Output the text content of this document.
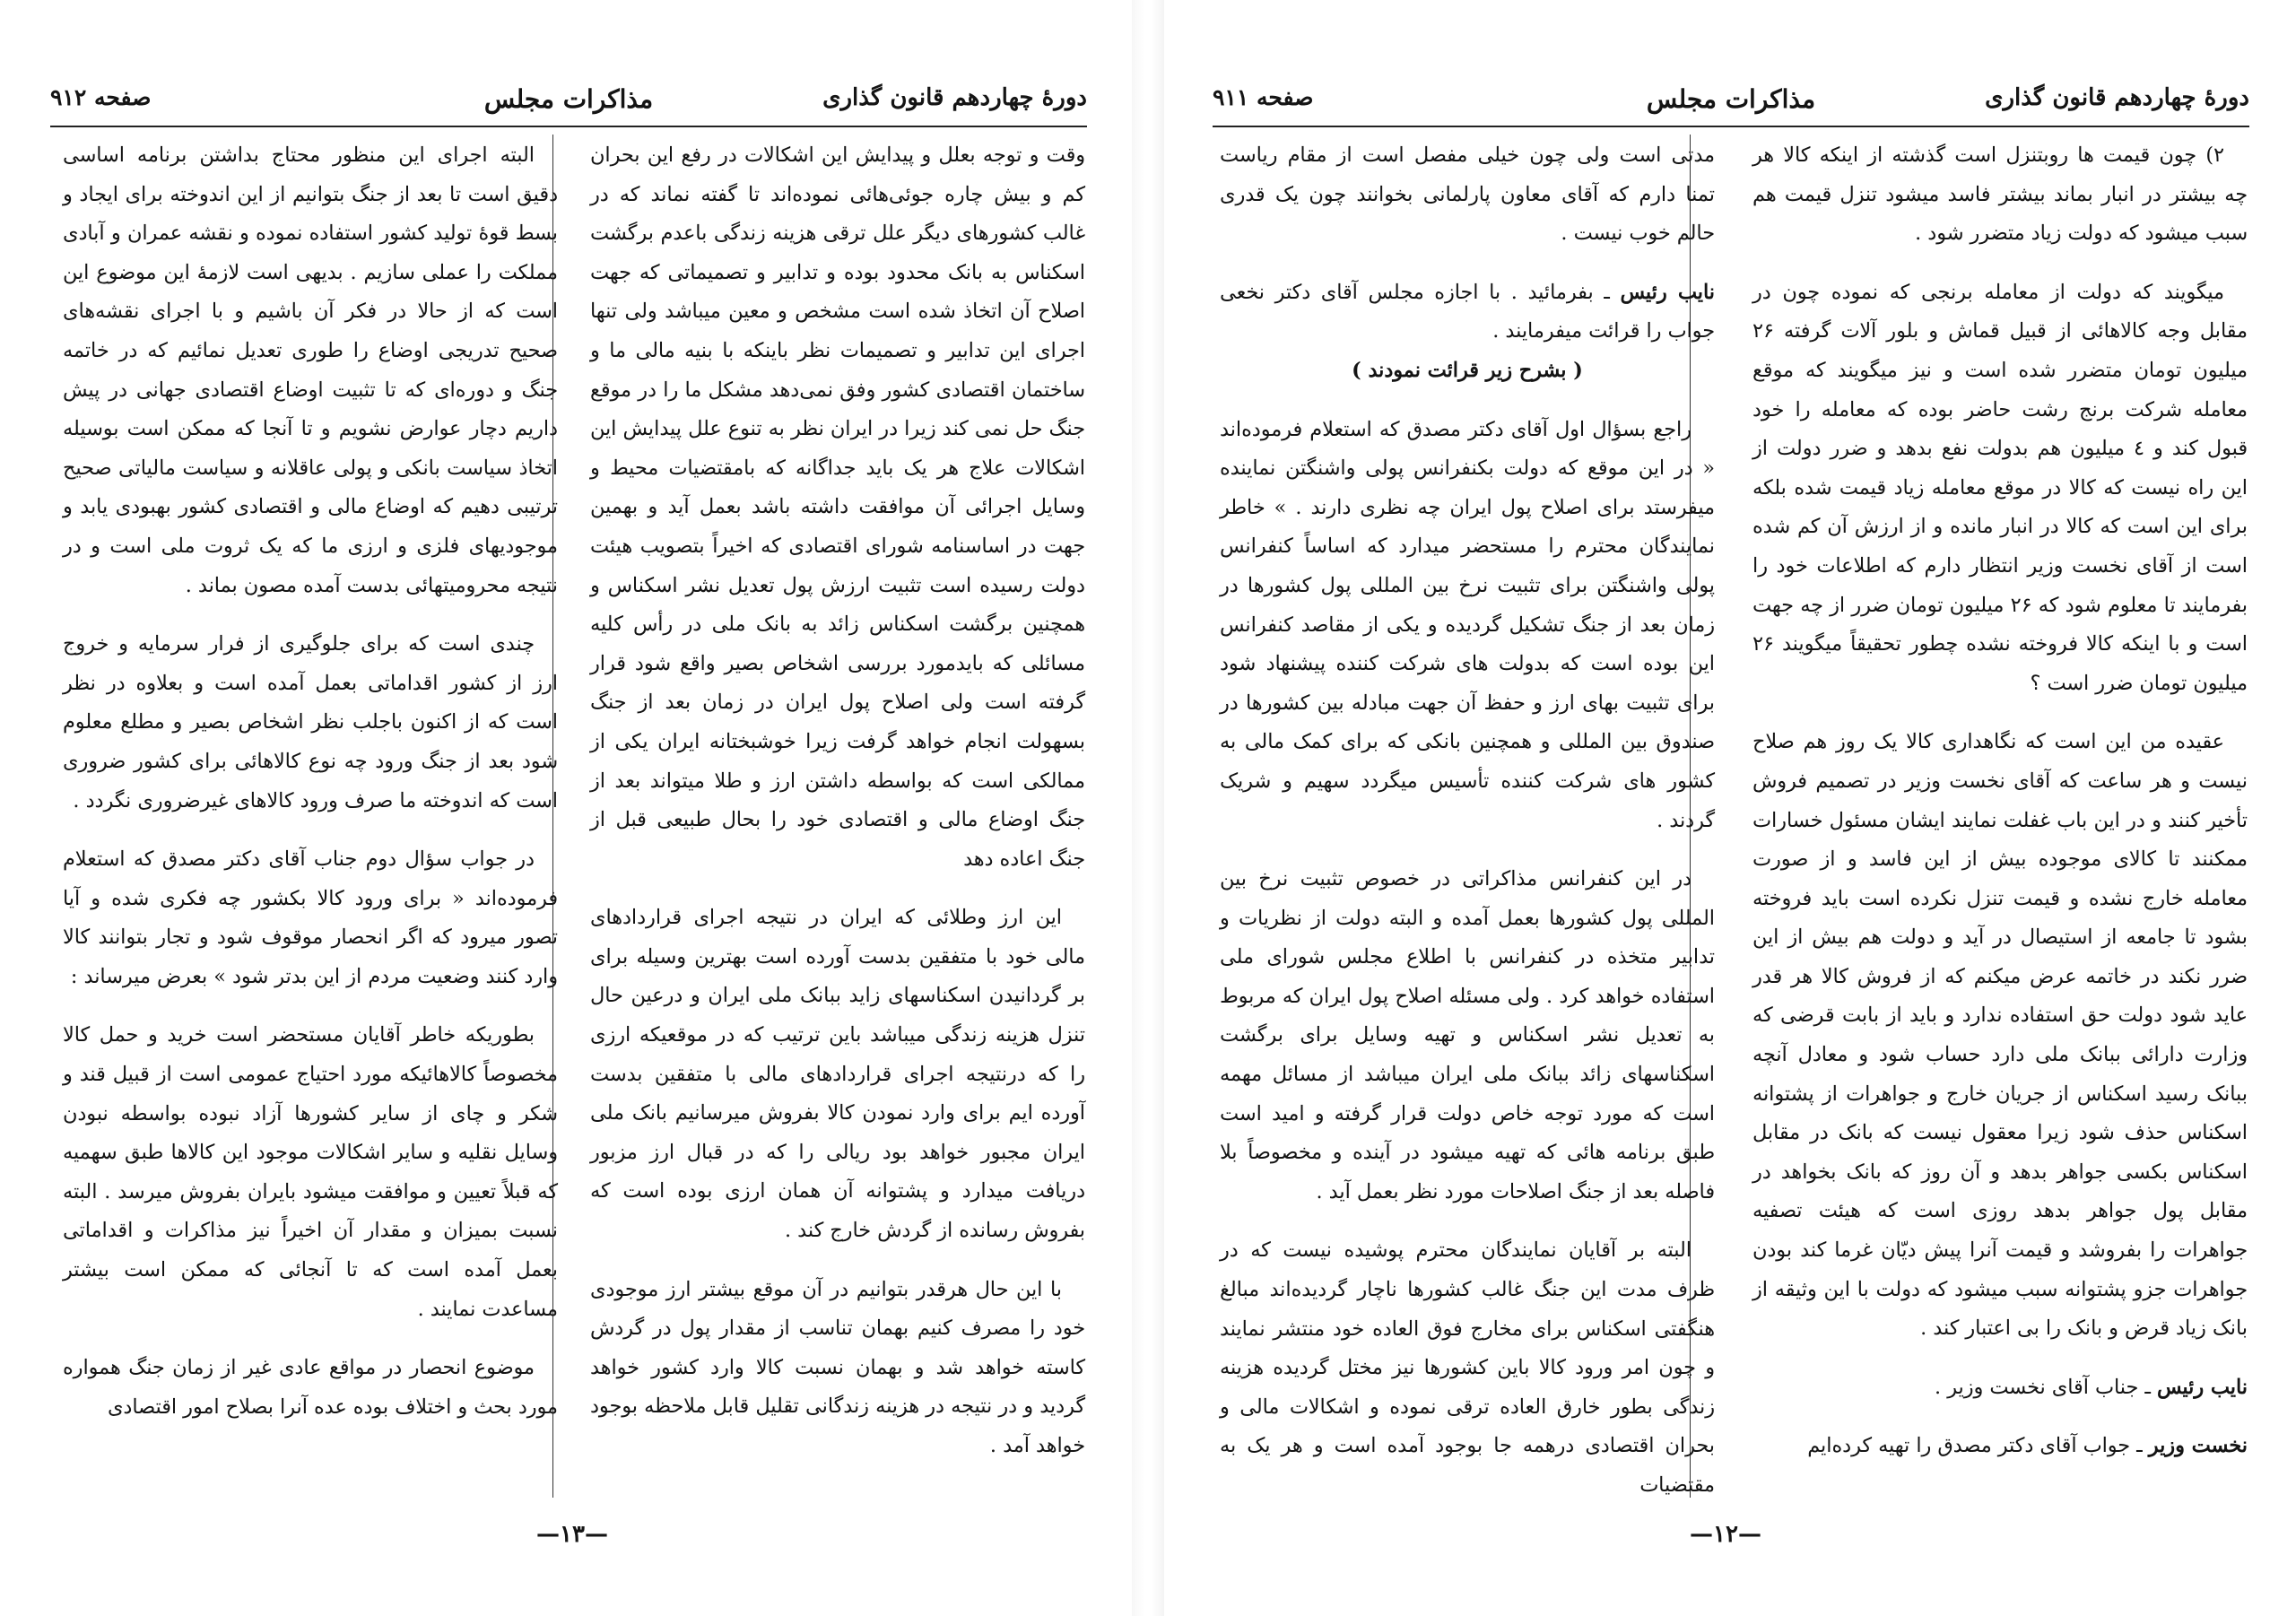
دورهٔ چهاردهم قانون گذاری
مذاکرات مجلس
صفحه ۹۱۲

وقت و توجه بعلل و پیدایش این اشکالات در رفع این بحران کم و بیش چاره جوئی‌هائی نموده‌اند تا گفته نماند که در غالب کشورهای دیگر علل ترقی هزینه زندگی باعدم برگشت اسکناس به بانک محدود بوده و تدابیر و تصمیماتی که جهت اصلاح آن اتخاذ شده است مشخص و معین میباشد ولی تنها اجرای این تدابیر و تصمیمات نظر باینکه با بنیه مالی ما و ساختمان اقتصادی کشور وفق نمی‌دهد مشکل ما را در موقع جنگ حل نمی کند زیرا در ایران نظر به تنوع علل پیدایش این اشکالات علاج هر یک باید جداگانه که بامقتضیات محیط و وسایل اجرائی آن موافقت داشته باشد بعمل آید و بهمین جهت در اساسنامه شورای اقتصادی که اخیراً بتصویب هیئت دولت رسیده است تثبیت ارزش پول تعدیل نشر اسکناس و همچنین برگشت اسکناس زائد به بانک ملی در رأس کلیه مسائلی که بایدمورد بررسی اشخاص بصیر واقع شود قرار گرفته است ولی اصلاح پول ایران در زمان بعد از جنگ بسهولت انجام خواهد گرفت زیرا خوشبختانه ایران یکی از ممالکی است که بواسطه داشتن ارز و طلا میتواند بعد از جنگ اوضاع مالی و اقتصادی خود را بحال طبیعی قبل از جنگ اعاده دهد

این ارز وطلائی که ایران در نتیجه اجرای قراردادهای مالی خود با متفقین بدست آورده است بهترین وسیله برای بر گردانیدن اسکناسهای زاید ببانک ملی ایران و درعین حال تنزل هزینه زندگی میباشد باین ترتیب که در موقعیکه ارزی را که درنتیجه اجرای قراردادهای مالی با متفقین بدست آورده ایم برای وارد نمودن کالا بفروش میرسانیم بانک ملی ایران مجبور خواهد بود ریالی را که در قبال ارز مزبور دریافت میدارد و پشتوانه آن همان ارزی بوده است که بفروش رسانده از گردش خارج کند .

با این حال هرقدر بتوانیم در آن موقع بیشتر ارز موجودی خود را مصرف کنیم بهمان تناسب از مقدار پول در گردش کاسته خواهد شد و بهمان نسبت کالا وارد کشور خواهد گردید و در نتیجه در هزینه زندگانی تقلیل قابل ملاحظه بوجود خواهد آمد .

البته اجرای این منظور محتاج بداشتن برنامه اساسی دقیق است تا بعد از جنگ بتوانیم از این اندوخته برای ایجاد و بسط قوهٔ تولید کشور استفاده نموده و نقشه عمران و آبادی مملکت را عملی سازیم . بدیهی است لازمهٔ این موضوع این است که از حالا در فکر آن باشیم و با اجرای نقشه‌های صحیح تدریجی اوضاع را طوری تعدیل نمائیم که در خاتمه جنگ و دوره‌ای که تا تثبیت اوضاع اقتصادی جهانی در پیش داریم دچار عوارض نشویم و تا آنجا که ممکن است بوسیله اتخاذ سیاست بانکی و پولی عاقلانه و سیاست مالیاتی صحیح ترتیبی دهیم که اوضاع مالی و اقتصادی کشور بهبودی یابد و موجودیهای فلزی و ارزی ما که یک ثروت ملی است و در نتیجه محرومیتهائی بدست آمده مصون بماند .

چندی است که برای جلوگیری از فرار سرمایه و خروج ارز از کشور اقداماتی بعمل آمده است و بعلاوه در نظر است که از اکنون باجلب نظر اشخاص بصیر و مطلع معلوم شود بعد از جنگ ورود چه نوع کالاهائی برای کشور ضروری است که اندوخته ما صرف ورود کالاهای غیرضروری نگردد .

در جواب سؤال دوم جناب آقای دکتر مصدق که استعلام فرموده‌اند « برای ورود کالا بکشور چه فکری شده و آیا تصور میرود که اگر انحصار موقوف شود و تجار بتوانند کالا وارد کنند وضعیت مردم از این بدتر شود » بعرض میرساند :

بطوریکه خاطر آقایان مستحضر است خرید و حمل کالا مخصوصاً کالاهائیکه مورد احتیاج عمومی است از قبیل قند و شکر و چای از سایر کشورها آزاد نبوده بواسطه نبودن وسایل نقلیه و سایر اشکالات موجود این کالاها طبق سهمیه که قبلاً تعیین و موافقت میشود بایران بفروش میرسد . البته نسبت بمیزان و مقدار آن اخیراً نیز مذاکرات و اقداماتی بعمل آمده است که تا آنجائی که ممکن است بیشتر مساعدت نمایند .

موضوع انحصار در مواقع عادی غیر از زمان جنگ همواره مورد بحث و اختلاف بوده عده آنرا بصلاح امور اقتصادی

—۱۳—
دورهٔ چهاردهم قانون گذاری
مذاکرات مجلس
صفحه ۹۱۱

۲) چون قیمت ها روبتنزل است گذشته از اینکه کالا هر چه بیشتر در انبار بماند بیشتر فاسد میشود تنزل قیمت هم سبب میشود که دولت زیاد متضرر شود .

میگویند که دولت از معامله برنجی که نموده چون در مقابل وجه کالاهائی از قبیل قماش و بلور آلات گرفته ۲۶ میلیون تومان متضرر شده است و نیز میگویند که موقع معامله شرکت برنج رشت حاضر بوده که معامله را خود قبول کند و ٤ میلیون هم بدولت نفع بدهد و ضرر دولت از این راه نیست که کالا در موقع معامله زیاد قیمت شده بلکه برای این است که کالا در انبار مانده و از ارزش آن کم شده است از آقای نخست وزیر انتظار دارم که اطلاعات خود را بفرمایند تا معلوم شود که ۲۶ میلیون تومان ضرر از چه جهت است و با اینکه کالا فروخته نشده چطور تحقیقاً میگویند ۲۶ میلیون تومان ضرر است ؟

عقیده من این است که نگاهداری کالا یک روز هم صلاح نیست و هر ساعت که آقای نخست وزیر در تصمیم فروش تأخیر کنند و در این باب غفلت نمایند ایشان مسئول خسارات ممکنند تا کالای موجوده بیش از این فاسد و از صورت معامله خارج نشده و قیمت تنزل نکرده است باید فروخته بشود تا جامعه از استیصال در آید و دولت هم بیش از این ضرر نکند در خاتمه عرض میکنم که از فروش کالا هر قدر عاید شود دولت حق استفاده ندارد و باید از بابت قرضی که وزارت دارائی ببانک ملی دارد حساب شود و معادل آنچه ببانک رسید اسکناس از جریان خارج و جواهرات از پشتوانه اسکناس حذف شود زیرا معقول نیست که بانک در مقابل اسکناس بکسی جواهر بدهد و آن روز که بانک بخواهد در مقابل پول جواهر بدهد روزی است که هیئت تصفیه جواهرات را بفروشد و قیمت آنرا پیش دیّان غرما کند بودن جواهرات جزو پشتوانه سبب میشود که دولت با این وثیقه از بانک زیاد قرض و بانک را بی اعتبار کند .

نایب رئیس ـ جناب آقای نخست وزیر .

نخست وزیر ـ جواب آقای دکتر مصدق را تهیه کرده‌ایم

مدتی است ولی چون خیلی مفصل است از مقام ریاست تمنا دارم که آقای معاون پارلمانی بخوانند چون یک قدری حالم خوب نیست .

نایب رئیس ـ بفرمائید . با اجازه مجلس آقای دکتر نخعی جواب را قرائت میفرمایند .

( بشرح زیر قرائت نمودند )

راجع بسؤال اول آقای دکتر مصدق که استعلام فرموده‌اند « در این موقع که دولت بکنفرانس پولی واشنگتن نماینده میفرستد برای اصلاح پول ایران چه نظری دارند . » خاطر نمایندگان محترم را مستحضر میدارد که اساساً کنفرانس پولی واشنگتن برای تثبیت نرخ بین المللی پول کشورها در زمان بعد از جنگ تشکیل گردیده و یکی از مقاصد کنفرانس این بوده است که بدولت های شرکت کننده پیشنهاد شود برای تثبیت بهای ارز و حفظ آن جهت مبادله بین کشورها در صندوق بین المللی و همچنین بانکی که برای کمک مالی به کشور های شرکت کننده تأسیس میگردد سهیم و شریک گردند .

در این کنفرانس مذاکراتی در خصوص تثبیت نرخ بین المللی پول کشورها بعمل آمده و البته دولت از نظریات و تدابیر متخذه در کنفرانس با اطلاع مجلس شورای ملی استفاده خواهد کرد . ولی مسئله اصلاح پول ایران که مربوط به تعدیل نشر اسکناس و تهیه وسایل برای برگشت اسکناسهای زائد ببانک ملی ایران میباشد از مسائل مهمه است که مورد توجه خاص دولت قرار گرفته و امید است طبق برنامه هائی که تهیه میشود در آینده و مخصوصاً بلا فاصله بعد از جنگ اصلاحات مورد نظر بعمل آید .

البته بر آقایان نمایندگان محترم پوشیده نیست که در ظرف مدت این جنگ غالب کشورها ناچار گردیده‌اند مبالغ هنگفتی اسکناس برای مخارج فوق العاده خود منتشر نمایند و چون امر ورود کالا باین کشورها نیز مختل گردیده هزینه زندگی بطور خارق العاده ترقی نموده و اشکالات مالی و بحران اقتصادی درهمه جا بوجود آمده است و هر یک به مقتضیات

—۱۲—
